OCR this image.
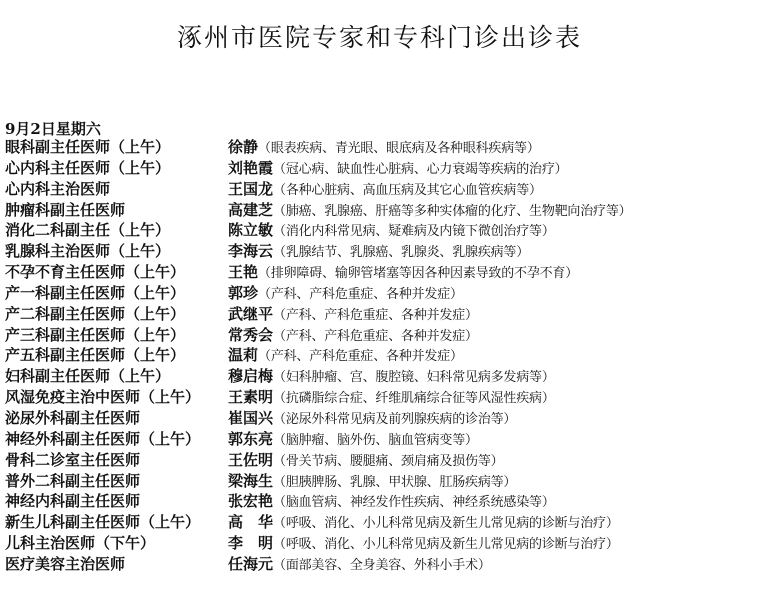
涿州市医院专家和专科门诊出诊表
9月2日星期六
眼科副主任医师（上午）	徐静（眼表疾病、青光眼、眼底病及各种眼科疾病等）
心内科主任医师（上午）	刘艳霞（冠心病、缺血性心脏病、心力衰竭等疾病的治疗）
心内科主治医师	王国龙（各种心脏病、高血压病及其它心血管疾病等）
肿瘤科副主任医师	高建芝（肺癌、乳腺癌、肝癌等多种实体瘤的化疗、生物靶向治疗等）
消化二科副主任（上午）	陈立敏（消化内科常见病、疑难病及内镜下微创治疗等）
乳腺科主治医师（上午）	李海云（乳腺结节、乳腺癌、乳腺炎、乳腺疾病等）
不孕不育主任医师（上午）	王艳（排卵障碍、输卵管堵塞等因各种因素导致的不孕不育）
产一科副主任医师（上午）	郭珍（产科、产科危重症、各种并发症）
产二科副主任医师（上午）	武继平（产科、产科危重症、各种并发症）
产三科副主任医师（上午）	常秀会（产科、产科危重症、各种并发症）
产五科副主任医师（上午）	温莉（产科、产科危重症、各种并发症）
妇科副主任医师（上午）	穆启梅（妇科肿瘤、宫、腹腔镜、妇科常见病多发病等）
风湿免疫主治中医师（上午） 王素明（抗磷脂综合症、纤维肌痛综合征等风湿性疾病）
泌尿外科副主任医师	崔国兴（泌尿外科常见病及前列腺疾病的诊治等）
神经外科副主任医师（上午） 郭东亮（脑肿瘤、脑外伤、脑血管病变等）
骨科二诊室主任医师	王佐明（骨关节病、腰腿痛、颈肩痛及损伤等）
普外二科副主任医师	梁海生（胆胰脾肠、乳腺、甲状腺、肛肠疾病等）
神经内科副主任医师	张宏艳（脑血管病、神经发作性疾病、神经系统感染等）
新生儿科副主任医师（上午） 高　华（呼吸、消化、小儿科常见病及新生儿常见病的诊断与治疗）
儿科主治医师（下午）	李　明（呼吸、消化、小儿科常见病及新生儿常见病的诊断与治疗）
医疗美容主治医师	任海元（面部美容、全身美容、外科小手术）
